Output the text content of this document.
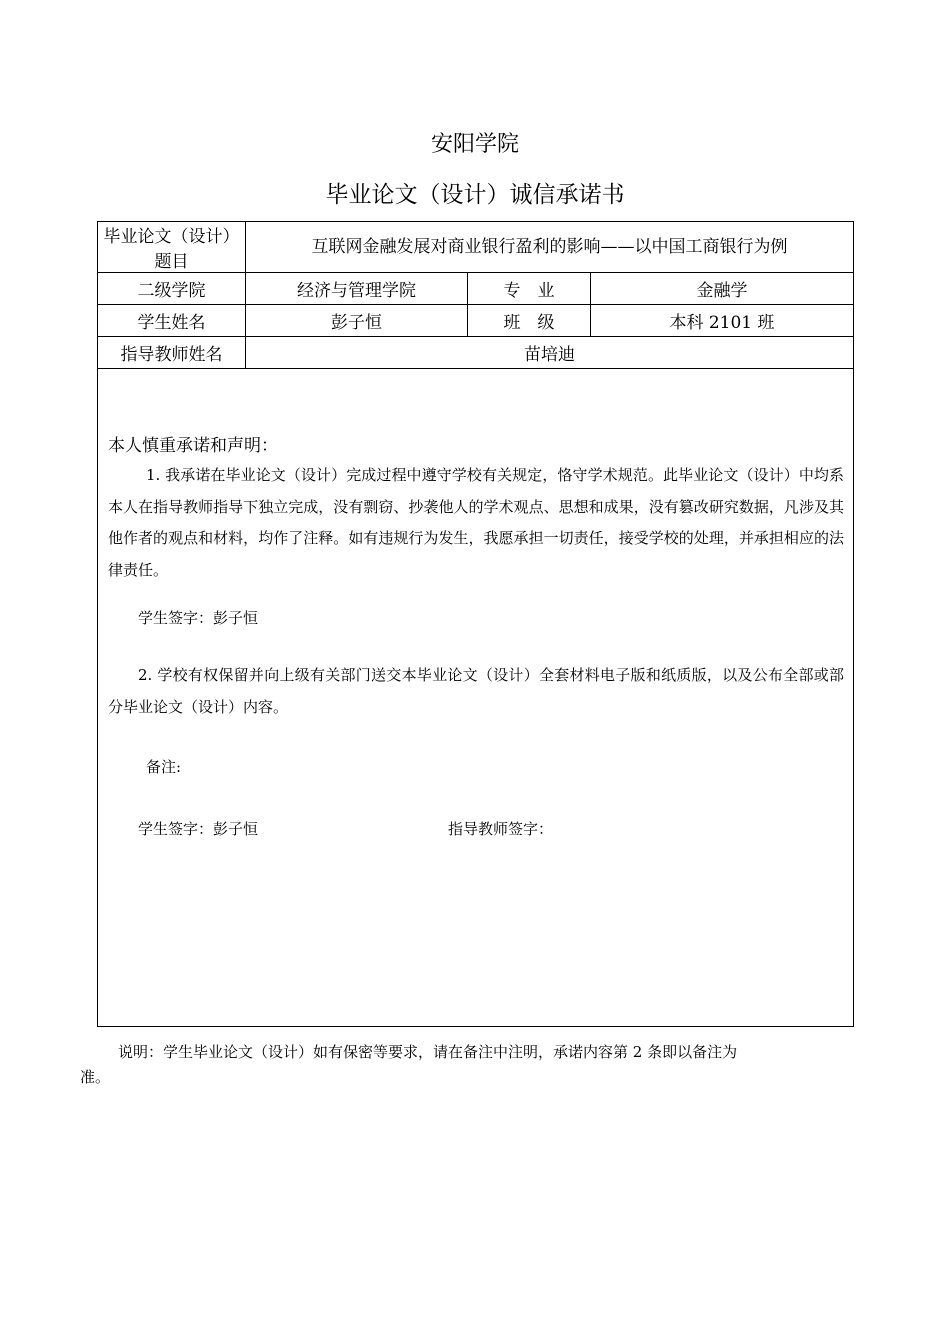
安阳学院
毕业论文（设计）诚信承诺书
毕业论文（设计）题目	互联网金融发展对商业银行盈利的影响——以中国工商银行为例		
二级学院	经济与管理学院	专　业	金融学
学生姓名	彭子恒	班　级	本科 2101 班
指导教师姓名	苗培迪		
本人慎重承诺和声明：
1. 我承诺在毕业论文（设计）完成过程中遵守学校有关规定，恪守学术规范。此毕业论文（设计）中均系本人在指导教师指导下独立完成，没有剽窃、抄袭他人的学术观点、思想和成果，没有篡改研究数据，凡涉及其他作者的观点和材料，均作了注释。如有违规行为发生，我愿承担一切责任，接受学校的处理，并承担相应的法律责任。
学生签字：彭子恒
2. 学校有权保留并向上级有关部门送交本毕业论文（设计）全套材料电子版和纸质版，以及公布全部或部分毕业论文（设计）内容。
备注:
学生签字：彭子恒	指导教师签字：
说明：学生毕业论文（设计）如有保密等要求，请在备注中注明，承诺内容第 2 条即以备注为准。
